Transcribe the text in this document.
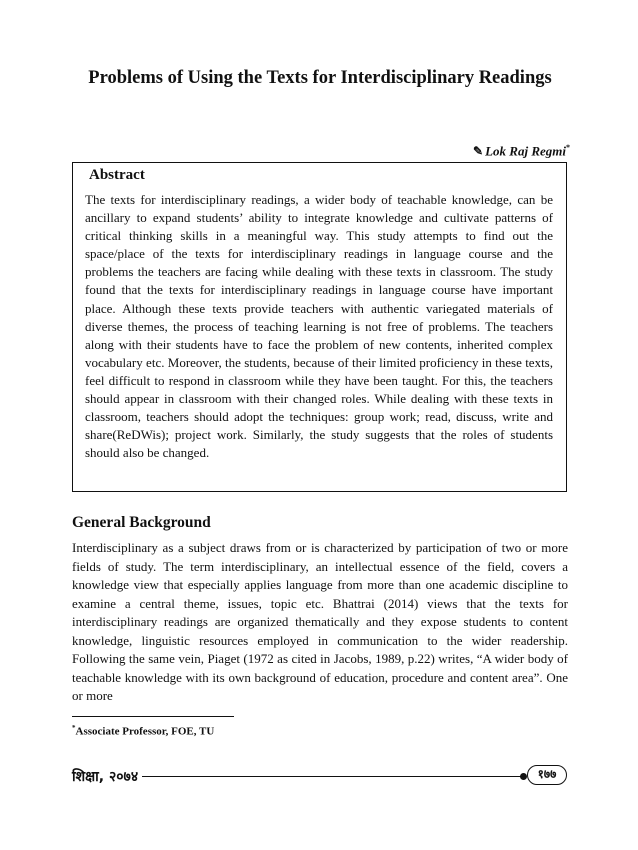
Problems of Using the Texts for Interdisciplinary Readings
✎ Lok Raj Regmi*
Abstract

The texts for interdisciplinary readings, a wider body of teachable knowledge, can be ancillary to expand students’ ability to integrate knowledge and cultivate patterns of critical thinking skills in a meaningful way. This study attempts to find out the space/place of the texts for interdisciplinary readings in language course and the problems the teachers are facing while dealing with these texts in classroom. The study found that the texts for interdisciplinary readings in language course have important place. Although these texts provide teachers with authentic variegated materials of diverse themes, the process of teaching learning is not free of problems. The teachers along with their students have to face the problem of new contents, inherited complex vocabulary etc. Moreover, the students, because of their limited proficiency in these texts, feel difficult to respond in classroom while they have been taught. For this, the teachers should appear in classroom with their changed roles. While dealing with these texts in classroom, teachers should adopt the techniques: group work; read, discuss, write and share(ReDWis); project work. Similarly, the study suggests that the roles of students should also be changed.

General Background

Interdisciplinary as a subject draws from or is characterized by participation of two or more fields of study. The term interdisciplinary, an intellectual essence of the field, covers a knowledge view that especially applies language from more than one academic discipline to examine a central theme, issues, topic etc. Bhattrai (2014) views that the texts for interdisciplinary readings are organized thematically and they expose students to content knowledge, linguistic resources employed in communication to the wider readership. Following the same vein, Piaget (1972 as cited in Jacobs, 1989, p.22) writes, “A wider body of teachable knowledge with its own background of education, procedure and content area”. One or more

*Associate Professor, FOE, TU
शिक्षा, २०७४	१७७
